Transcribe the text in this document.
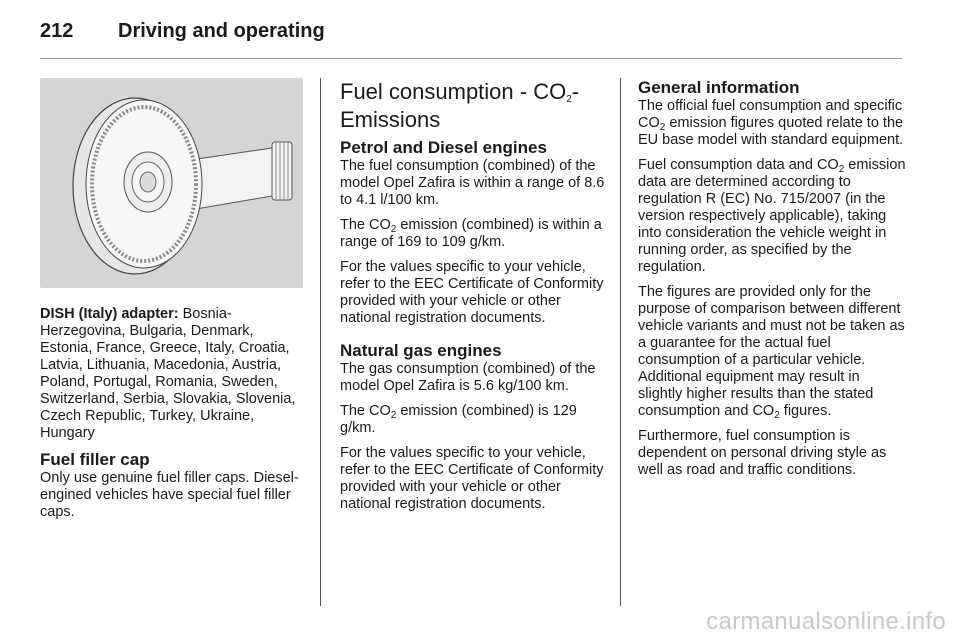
212 Driving and operating

DISH (Italy) adapter: Bosnia-Herzegovina, Bulgaria, Denmark, Estonia, France, Greece, Italy, Croatia, Latvia, Lithuania, Macedonia, Austria, Poland, Portugal, Romania, Sweden, Switzerland, Serbia, Slovakia, Slovenia, Czech Republic, Turkey, Ukraine, Hungary

Fuel filler cap

Only use genuine fuel filler caps. Diesel-engined vehicles have special fuel filler caps.

Fuel consumption - $CO_2$-Emissions
Petrol and Diesel engines

The fuel consumption (combined) of the model Opel Zafira is within a range of 8.6 to 4.1 l/100 km.

The $CO_2$ emission (combined) is within a range of 169 to 109 g/km.

For the values specific to your vehicle, refer to the EEC Certificate of Conformity provided with your vehicle or other national registration documents.

Natural gas engines

The gas consumption (combined) of the model Opel Zafira is 5.6 kg/100 km.

The $CO_2$ emission (combined) is 129 g/km.

For the values specific to your vehicle, refer to the EEC Certificate of Conformity provided with your vehicle or other national registration documents.

General information

The official fuel consumption and specific $CO_2$ emission figures quoted relate to the EU base model with standard equipment.

Fuel consumption data and $CO_2$ emission data are determined according to regulation R (EC) No. 715/2007 (in the version respectively applicable), taking into consideration the vehicle weight in running order, as specified by the regulation.

The figures are provided only for the purpose of comparison between different vehicle variants and must not be taken as a guarantee for the actual fuel consumption of a particular vehicle. Additional equipment may result in slightly higher results than the stated consumption and $CO_2$ figures.

Furthermore, fuel consumption is dependent on personal driving style as well as road and traffic conditions.

carmanualsonline.info
